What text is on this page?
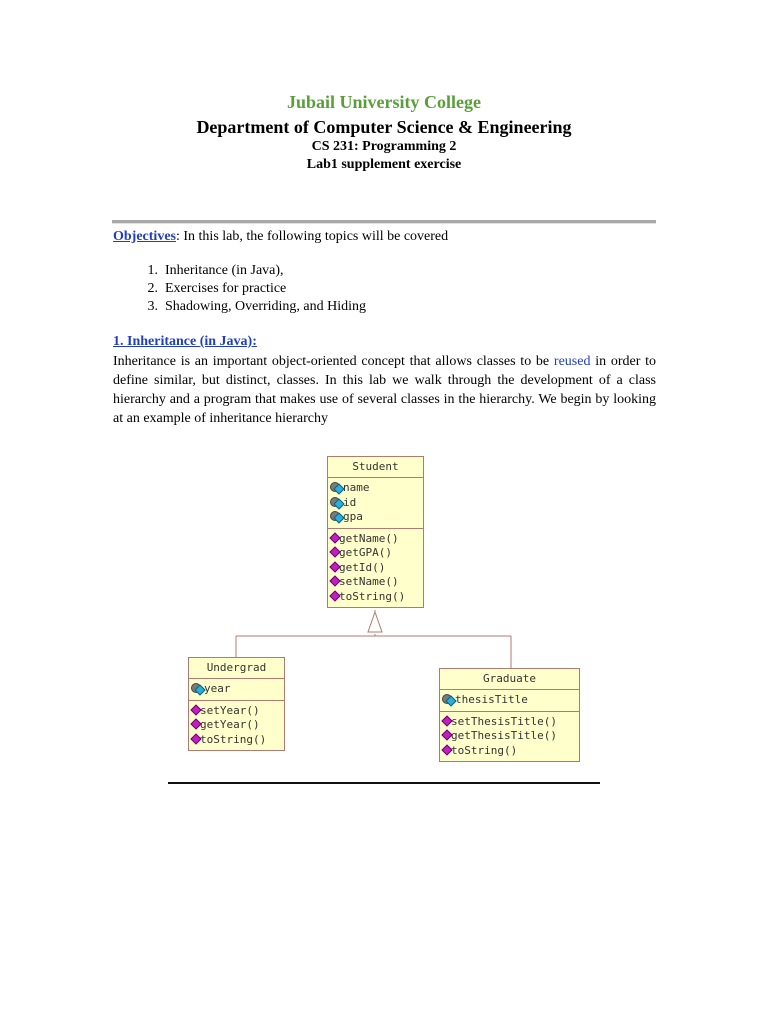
Jubail University College
Department of Computer Science & Engineering
CS 231: Programming 2
Lab1 supplement exercise
Objectives: In this lab, the following topics will be covered
1. Inheritance (in Java),
2. Exercises for practice
3. Shadowing, Overriding, and Hiding
1. Inheritance (in Java):
Inheritance is an important object-oriented concept that allows classes to be reused in order to define similar, but distinct, classes. In this lab we walk through the development of a class hierarchy and a program that makes use of several classes in the hierarchy. We begin by looking at an example of inheritance hierarchy
Student
name
id
gpa
getName()
getGPA()
getId()
setName()
toString()
Undergrad
year
setYear()
getYear()
toString()
Graduate
thesisTitle
setThesisTitle()
getThesisTitle()
toString()
